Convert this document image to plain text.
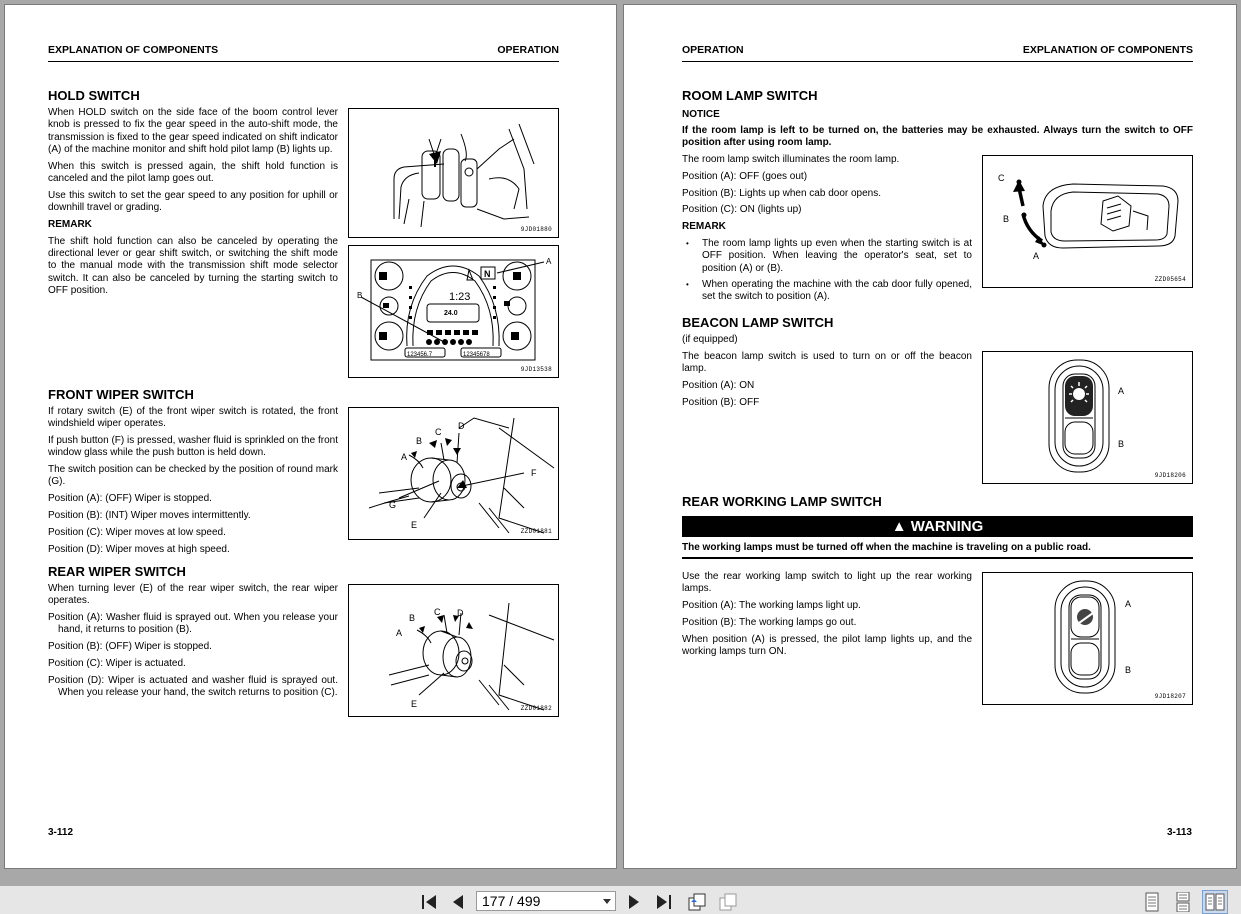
EXPLANATION OF COMPONENTS	OPERATION
HOLD SWITCH

When HOLD switch on the side face of the boom control lever knob is pressed to fix the gear speed in the auto-shift mode, the transmission is fixed to the gear speed indicated on shift indicator (A) of the machine monitor and shift hold pilot lamp (B) lights up.

When this switch is pressed again, the shift hold function is canceled and the pilot lamp goes out.

Use this switch to set the gear speed to any position for uphill or downhill travel or grading.

REMARK

The shift hold function can also be canceled by operating the directional lever or gear shift switch, or switching the shift mode to the manual mode with the transmission shift mode selector switch. It can also be canceled by turning the starting switch to OFF position.

9JD01880
A
B
N
1:23
24.0
123456.7	12345678
9JD13538
FRONT WIPER SWITCH

If rotary switch (E) of the front wiper switch is rotated, the front windshield wiper operates.

If push button (F) is pressed, washer fluid is sprinkled on the front window glass while the push button is held down.

The switch position can be checked by the position of round mark (G).

Position (A): (OFF) Wiper is stopped.

Position (B): (INT) Wiper moves intermittently.

Position (C): Wiper moves at low speed.

Position (D): Wiper moves at high speed.

A
B
C
D
E
F
G
ZZD01881
REAR WIPER SWITCH

When turning lever (E) of the rear wiper switch, the rear wiper operates.

Position (A): Washer fluid is sprayed out. When you release your hand, it returns to position (B).

Position (B): (OFF) Wiper is stopped.

Position (C): Wiper is actuated.

Position (D): Wiper is actuated and washer fluid is sprayed out. When you release your hand, the switch returns to position (C).

A
B
C D
E	ZZD01882
3-112
OPERATION	EXPLANATION OF COMPONENTS
ROOM LAMP SWITCH
NOTICE
If the room lamp is left to be turned on, the batteries may be exhausted. Always turn the switch to OFF position after using room lamp.

The room lamp switch illuminates the room lamp.

Position (A): OFF (goes out)

Position (B): Lights up when cab door opens.

Position (C): ON (lights up)

REMARK

• The room lamp lights up even when the starting switch is at OFF position. When leaving the operator's seat, set to position (A) or (B).
• When operating the machine with the cab door fully opened, set the switch to position (A).
A
B
C
ZZD05654
BEACON LAMP SWITCH

(if equipped)

The beacon lamp switch is used to turn on or off the beacon lamp.

Position (A): ON

Position (B): OFF

A
B
9JD18206
REAR WORKING LAMP SWITCH
▲ WARNING
The working lamps must be turned off when the machine is traveling on a public road.

Use the rear working lamp switch to light up the rear working lamps.

Position (A): The working lamps light up.

Position (B): The working lamps go out.

When position (A) is pressed, the pilot lamp lights up, and the working lamps turn ON.

A
B
9JD18207
3-113
177 / 499
